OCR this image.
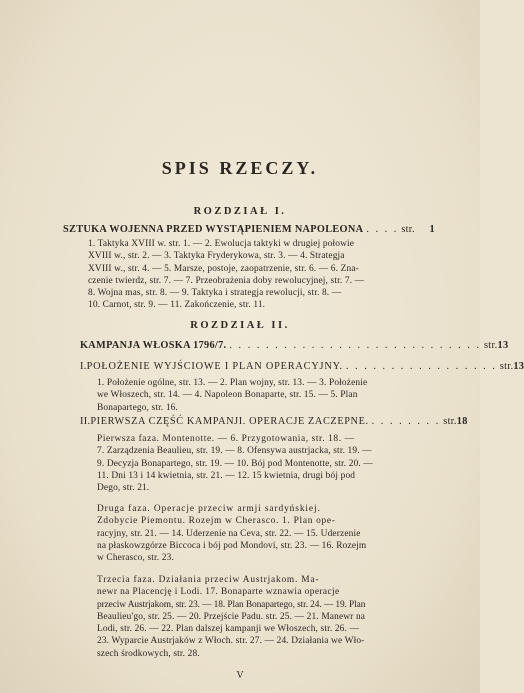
SPIS RZECZY.
ROZDZIAŁ I.
SZTUKA WOJENNA PRZED WYSTĄPIENIEM NAPOLEONA . . . . str.	1
1. Taktyka XVIII w. str. 1. — 2. Ewolucja taktyki w drugiej połowie
XVIII w., str. 2. — 3. Taktyka Fryderykowa, str. 3. — 4. Strategja
XVIII w., str. 4. — 5. Marsze, postoje, zaopatrzenie, str. 6. — 6. Zna-
czenie twierdz, str. 7. — 7. Przeobrażenia doby rewolucyjnej, str. 7. —
8. Wojna mas, str. 8. — 9. Taktyka i strategja rewolucji, str. 8. —
10. Carnot, str. 9. — 11. Zakończenie, str. 11.
ROZDZIAŁ II.
KAMPANJA WŁOSKA 1796/7. . . . . . . . . . . . . . . . . . . . . . . . . . . . . str. 13
I. POŁOŻENIE WYJŚCIOWE I PLAN OPERACYJNY. . . . . . . . . . . . . . . . . . str. 13
1. Położenie ogólne, str. 13. — 2. Plan wojny, str. 13. — 3. Położenie
we Włoszech, str. 14. — 4. Napoleon Bonaparte, str. 15. — 5. Plan
Bonapartego, str. 16.
II. PIERWSZA CZĘŚĆ KAMPANJI. OPERACJE ZACZEPNE. . . . . . . . . str. 18
Pierwsza faza. Montenotte. — 6. Przygotowania, str. 18. —
7. Zarządzenia Beaulieu, str. 19. — 8. Ofensywa austrjacka, str. 19. —
9. Decyzja Bonapartego, str. 19. — 10. Bój pod Montenotte, str. 20. —
11. Dni 13 i 14 kwietnia, str. 21. — 12. 15 kwietnia, drugi bój pod
Dego, str. 21.
Druga faza. Operacje przeciw armji sardyńskiej.
Zdobycie Piemontu. Rozejm w Cherasco. 1. Plan ope-
racyjny, str. 21. — 14. Uderzenie na Ceva, str. 22. — 15. Uderzenie
na płaskowzgórze Biccoca i bój pod Mondovi, str. 23. — 16. Rozejm
w Cherasco, str. 23.
Trzecia faza. Działania przeciw Austrjakom. Ma-
newr na Placencję i Lodi. 17. Bonaparte wznawia operacje
przeciw Austrjakom, str. 23. — 18. Plan Bonapartego, str. 24. — 19. Plan
Beaulieu'go, str. 25. — 20. Przejście Padu. str. 25. — 21. Manewr na
Lodi, str. 26. — 22. Plan dalszej kampanji we Włoszech, str. 26. —
23. Wyparcie Austrjaków z Włoch. str. 27. — 24. Działania we Wło-
szech środkowych, str. 28.
V
